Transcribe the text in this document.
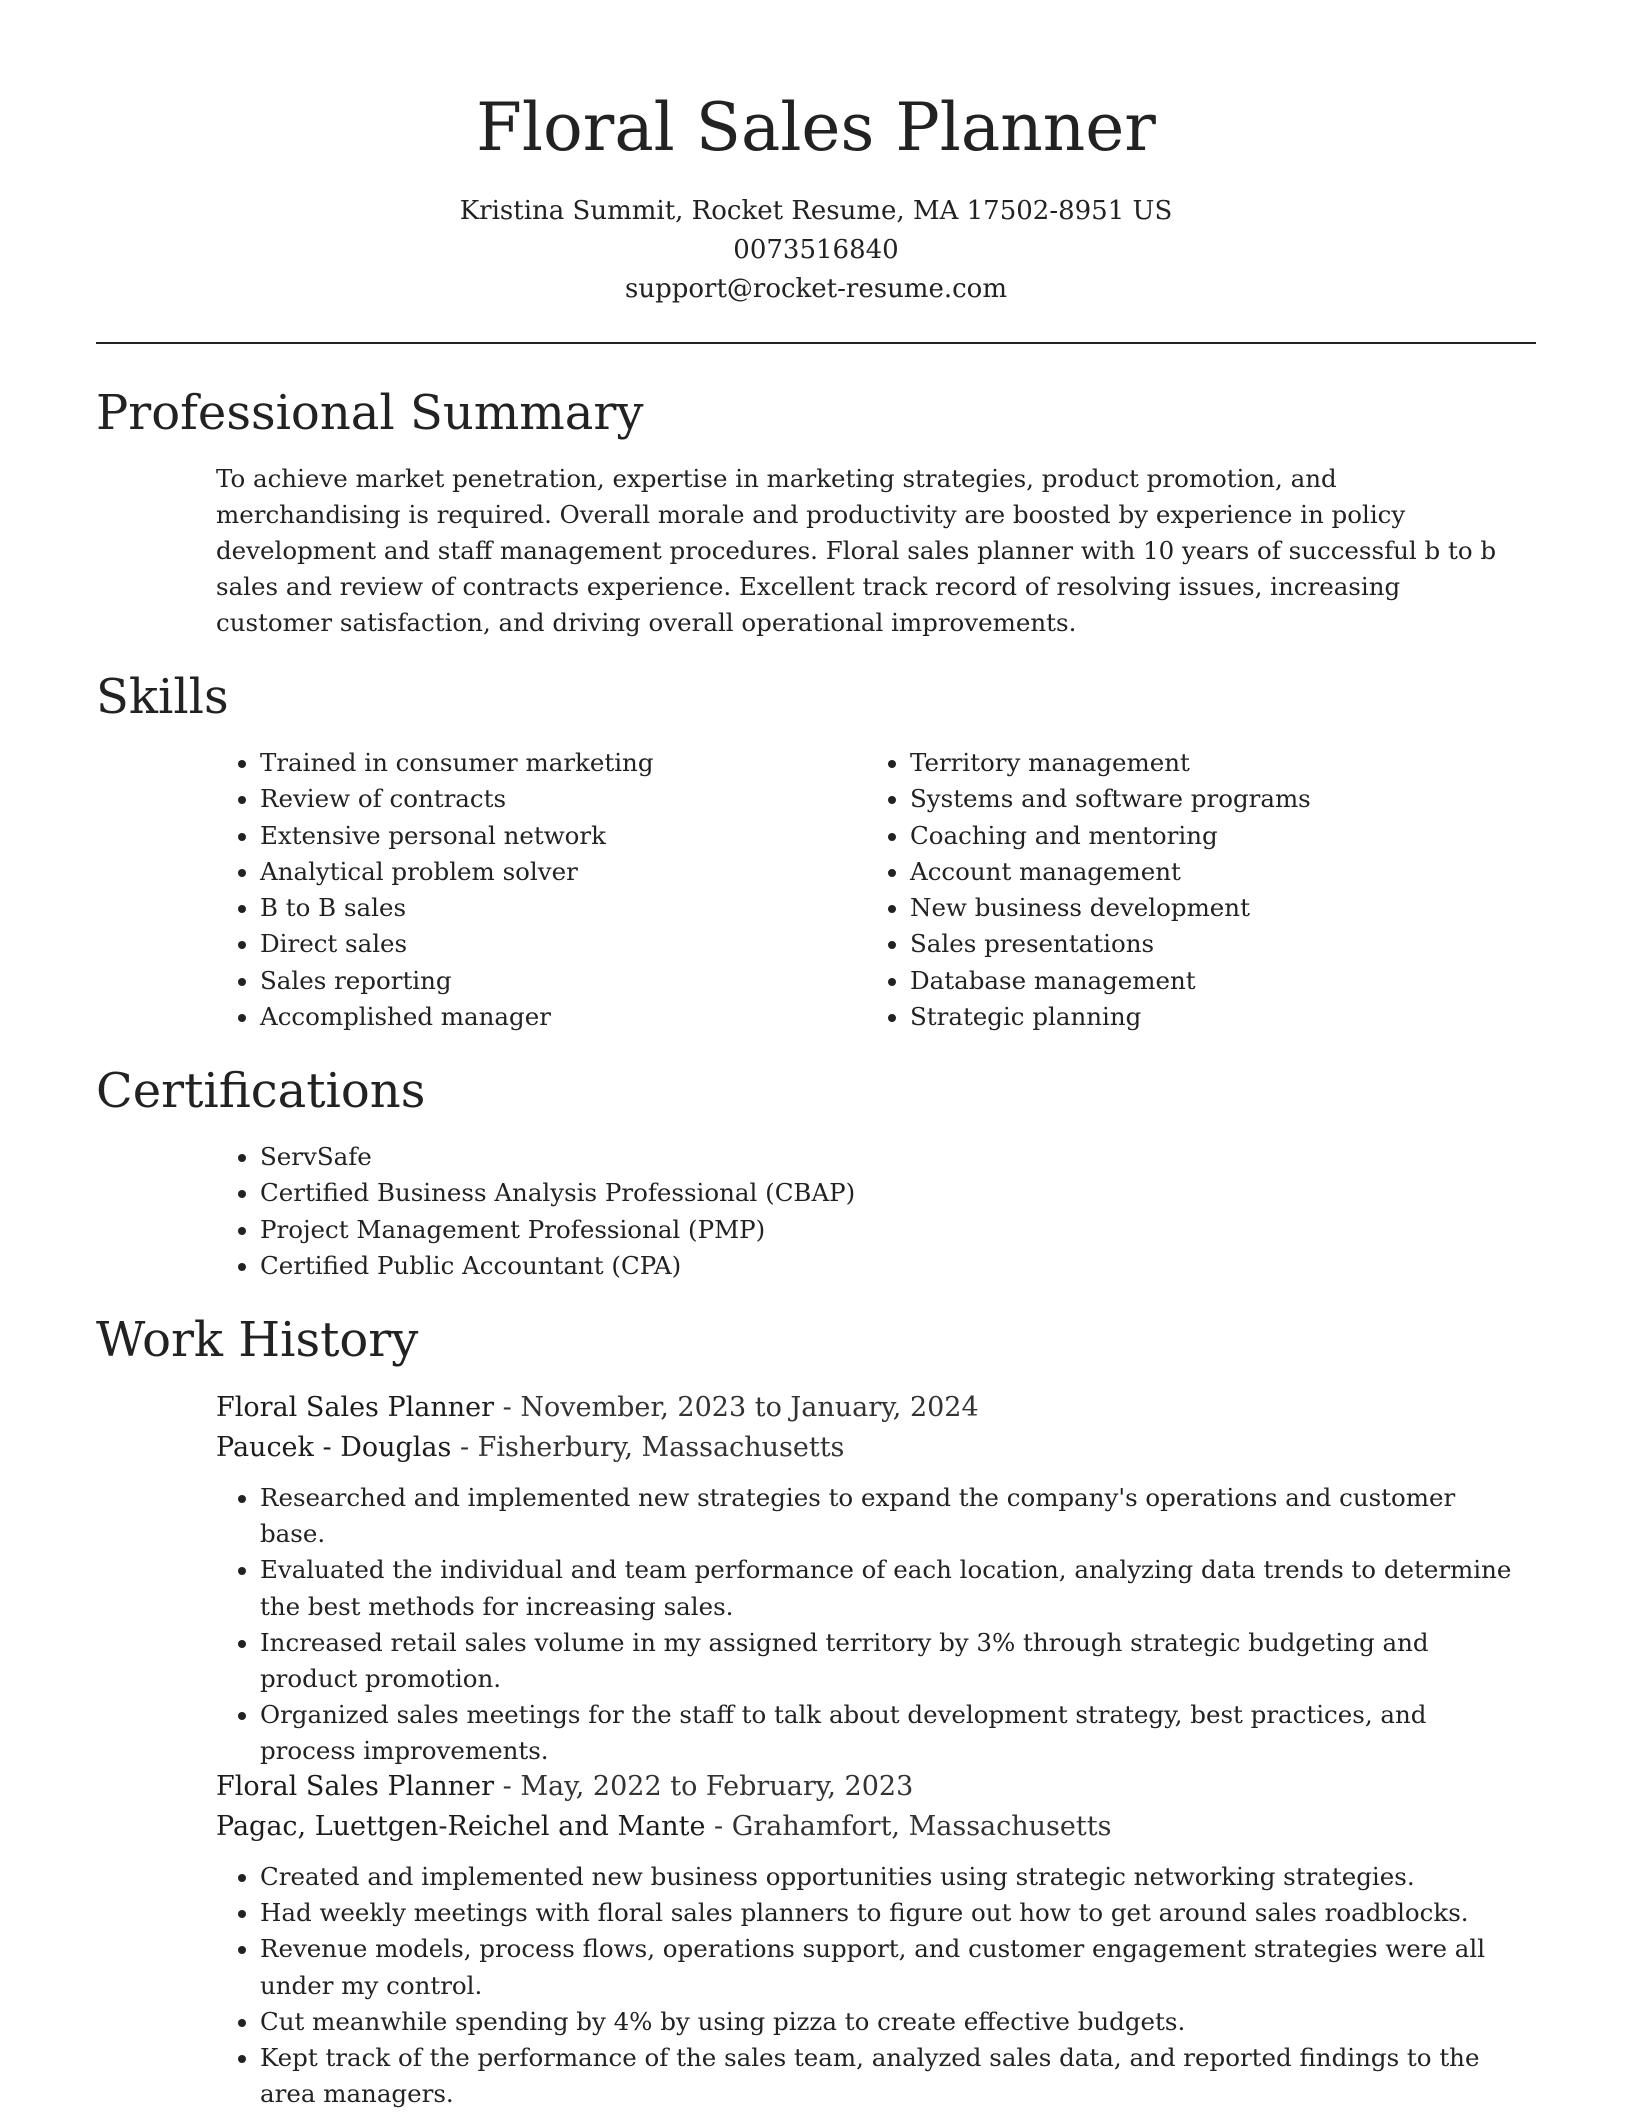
Floral Sales Planner
Kristina Summit, Rocket Resume, MA 17502-8951 US
0073516840
support@rocket-resume.com
Professional Summary

To achieve market penetration, expertise in marketing strategies, product promotion, and merchandising is required. Overall morale and productivity are boosted by experience in policy development and staff management procedures. Floral sales planner with 10 years of successful b to b sales and review of contracts experience. Excellent track record of resolving issues, increasing customer satisfaction, and driving overall operational improvements.

Skills
• Trained in consumer marketing
• Review of contracts
• Extensive personal network
• Analytical problem solver
• B to B sales
• Direct sales
• Sales reporting
• Accomplished manager
• Territory management
• Systems and software programs
• Coaching and mentoring
• Account management
• New business development
• Sales presentations
• Database management
• Strategic planning
Certifications
• ServSafe
• Certified Business Analysis Professional (CBAP)
• Project Management Professional (PMP)
• Certified Public Accountant (CPA)
Work History
Floral Sales Planner - November, 2023 to January, 2024
Paucek - Douglas - Fisherbury, Massachusetts
• Researched and implemented new strategies to expand the company's operations and customer base.
• Evaluated the individual and team performance of each location, analyzing data trends to determine the best methods for increasing sales.
• Increased retail sales volume in my assigned territory by 3% through strategic budgeting and product promotion.
• Organized sales meetings for the staff to talk about development strategy, best practices, and process improvements.
Floral Sales Planner - May, 2022 to February, 2023
Pagac, Luettgen-Reichel and Mante - Grahamfort, Massachusetts
• Created and implemented new business opportunities using strategic networking strategies.
• Had weekly meetings with floral sales planners to figure out how to get around sales roadblocks.
• Revenue models, process flows, operations support, and customer engagement strategies were all under my control.
• Cut meanwhile spending by 4% by using pizza to create effective budgets.
• Kept track of the performance of the sales team, analyzed sales data, and reported findings to the area managers.
